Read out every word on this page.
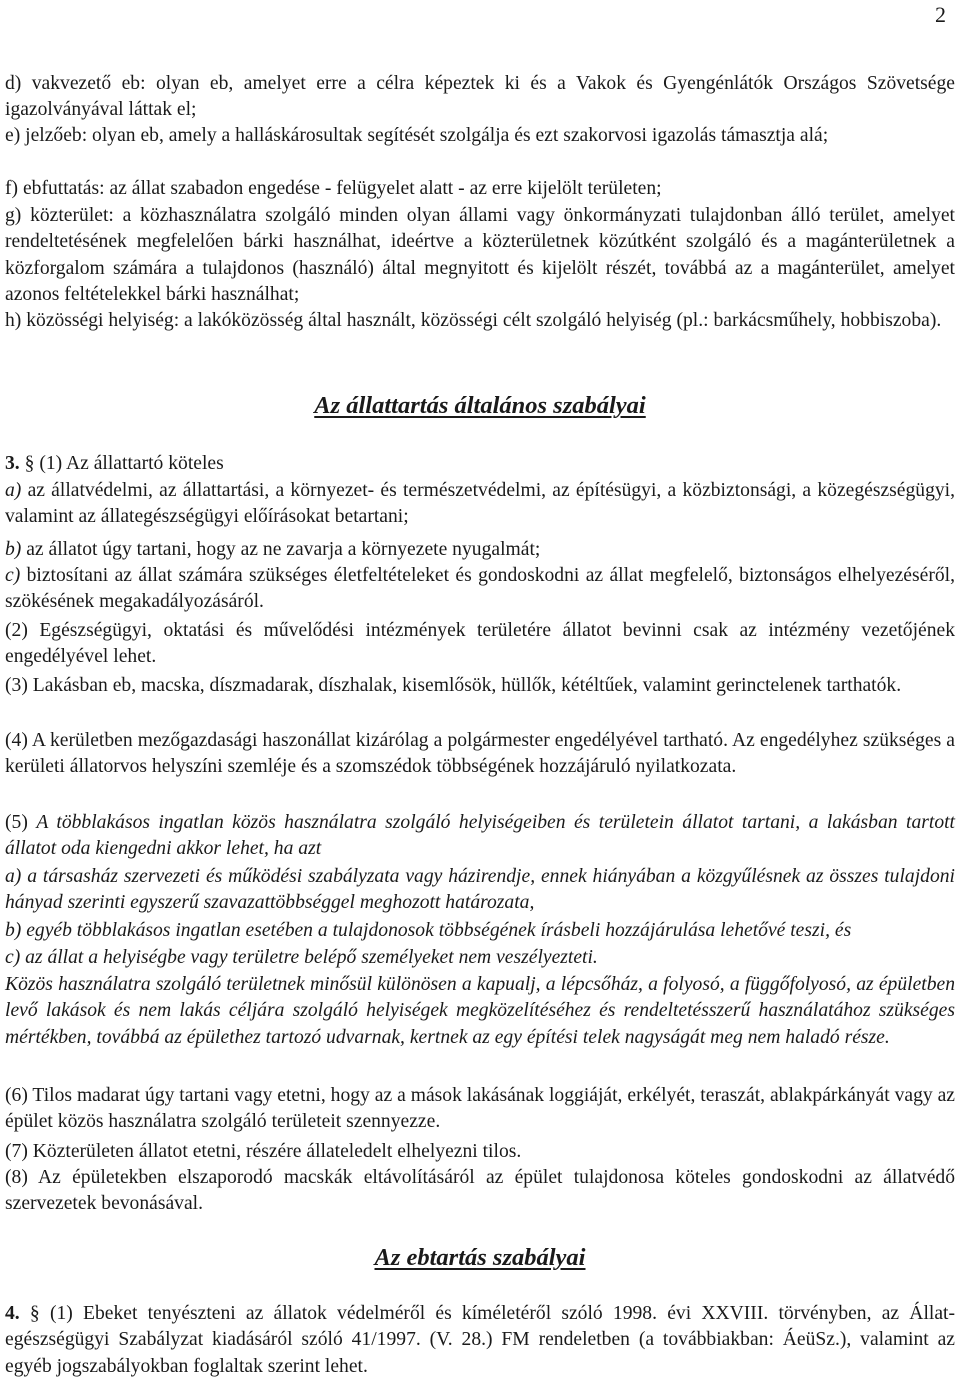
2

d) vakvezető eb: olyan eb, amelyet erre a célra képeztek ki és a Vakok és Gyengénlátók Országos Szövetsége igazolványával láttak el;

e) jelzőeb: olyan eb, amely a halláskárosultak segítését szolgálja és ezt szakorvosi igazolás támasztja alá;

f) ebfuttatás: az állat szabadon engedése - felügyelet alatt - az erre kijelölt területen;

g) közterület: a közhasználatra szolgáló minden olyan állami vagy önkormányzati tulajdonban álló terület, amelyet rendeltetésének megfelelően bárki használhat, ideértve a közterületnek közútként szolgáló és a magánterületnek a közforgalom számára a tulajdonos (használó) által megnyitott és kijelölt részét, továbbá az a magánterület, amelyet azonos feltételekkel bárki használhat;

h) közösségi helyiség: a lakóközösség által használt, közösségi célt szolgáló helyiség (pl.: barkácsműhely, hobbiszoba).

Az állattartás általános szabályai

3. § (1) Az állattartó köteles

a) az állatvédelmi, az állattartási, a környezet- és természetvédelmi, az építésügyi, a közbiztonsági, a közegészségügyi, valamint az állategészségügyi előírásokat betartani;

b) az állatot úgy tartani, hogy az ne zavarja a környezete nyugalmát;

c) biztosítani az állat számára szükséges életfeltételeket és gondoskodni az állat megfelelő, biztonságos elhelyezéséről, szökésének megakadályozásáról.

(2) Egészségügyi, oktatási és művelődési intézmények területére állatot bevinni csak az intézmény vezetőjének engedélyével lehet.

(3) Lakásban eb, macska, díszmadarak, díszhalak, kisemlősök, hüllők, kétéltűek, valamint gerinctelenek tarthatók.

(4) A kerületben mezőgazdasági haszonállat kizárólag a polgármester engedélyével tartható. Az engedélyhez szükséges a kerületi állatorvos helyszíni szemléje és a szomszédok többségének hozzájáruló nyilatkozata.

(5) A többlakásos ingatlan közös használatra szolgáló helyiségeiben és területein állatot tartani, a lakásban tartott állatot oda kiengedni akkor lehet, ha azt

a) a társasház szervezeti és működési szabályzata vagy házirendje, ennek hiányában a közgyűlésnek az összes tulajdoni hányad szerinti egyszerű szavazattöbbséggel meghozott határozata,

b) egyéb többlakásos ingatlan esetében a tulajdonosok többségének írásbeli hozzájárulása lehetővé teszi, és

c) az állat a helyiségbe vagy területre belépő személyeket nem veszélyezteti.

Közös használatra szolgáló területnek minősül különösen a kapualj, a lépcsőház, a folyosó, a függőfolyosó, az épületben levő lakások és nem lakás céljára szolgáló helyiségek megközelítéséhez és rendeltetésszerű használatához szükséges mértékben, továbbá az épülethez tartozó udvarnak, kertnek az egy építési telek nagyságát meg nem haladó része.

(6) Tilos madarat úgy tartani vagy etetni, hogy az a mások lakásának loggiáját, erkélyét, teraszát, ablakpárkányát vagy az épület közös használatra szolgáló területeit szennyezze.

(7) Közterületen állatot etetni, részére állateledelt elhelyezni tilos.

(8) Az épületekben elszaporodó macskák eltávolításáról az épület tulajdonosa köteles gondoskodni az állatvédő szervezetek bevonásával.

Az ebtartás szabályai

4. § (1) Ebeket tenyészteni az állatok védelméről és kíméletéről szóló 1998. évi XXVIII. törvényben, az Állat-egészségügyi Szabályzat kiadásáról szóló 41/1997. (V. 28.) FM rendeletben (a továbbiakban: ÁeüSz.), valamint az egyéb jogszabályokban foglaltak szerint lehet.
